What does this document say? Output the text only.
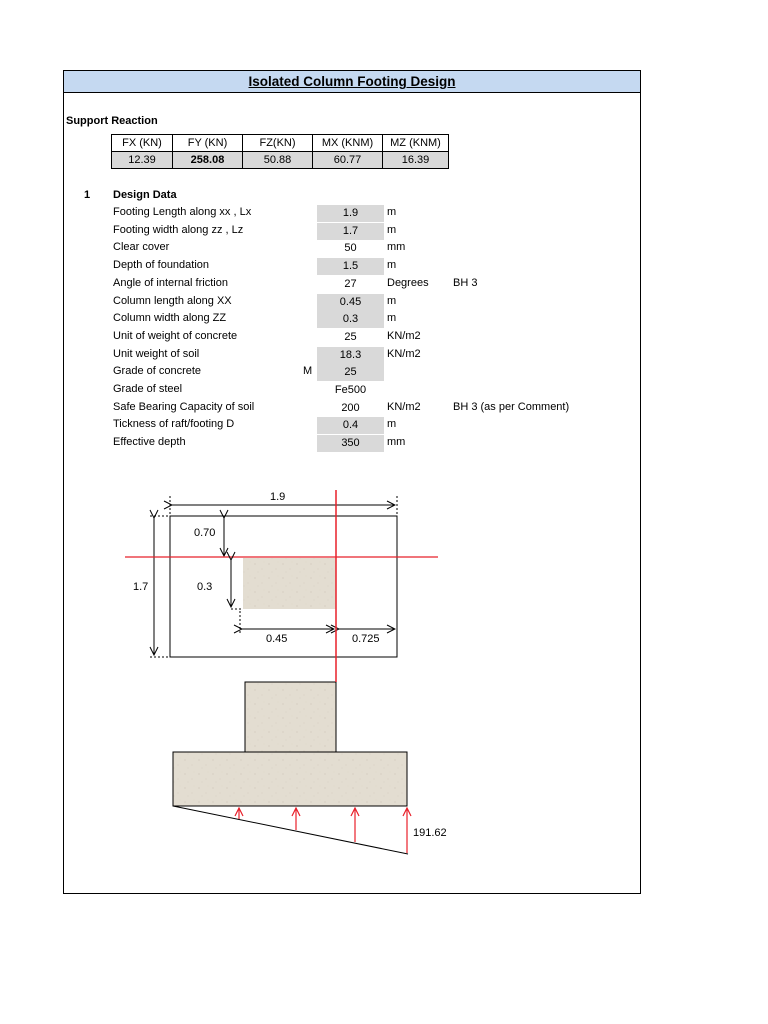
Isolated Column Footing Design
Support Reaction
FX (KN)	FY (KN)	FZ(KN)	MX (KNM)	MZ (KNM)
12.39	258.08	50.88	60.77	16.39
1 Design Data
Footing Length along xx , Lx	1.9	m
Footing width along zz , Lz	1.7	m
Clear cover	50	mm
Depth of foundation	1.5	m
Angle of internal friction	27	Degrees BH 3
Column length along XX	0.45	m
Column width along ZZ	0.3	m
Unit of weight of concrete	25	KN/m2
Unit weight of soil	18.3	KN/m2
Grade of concrete	M	25
Grade of steel	Fe500
Safe Bearing Capacity of soil	200	KN/m2	BH 3 (as per Comment)
Tickness of raft/footing D	0.4	m
Effective depth	350	mm
1.9
1.7
0.70
0.3
0.45	0.725
191.62
